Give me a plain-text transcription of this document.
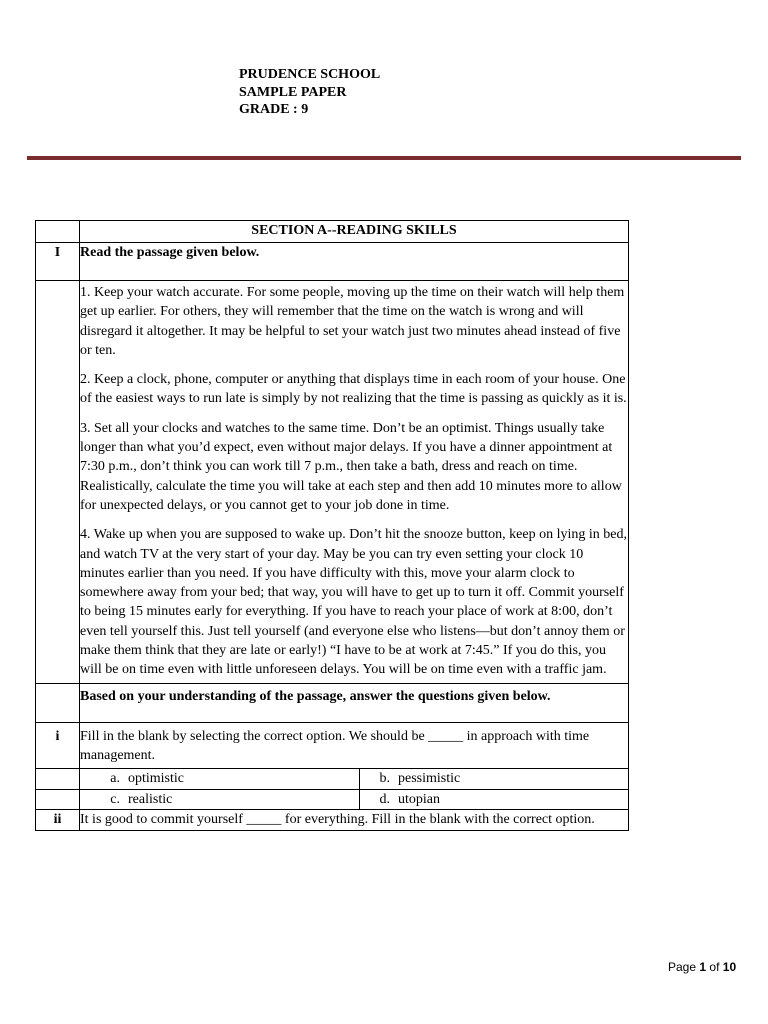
PRUDENCE SCHOOL
SAMPLE PAPER
GRADE : 9
	SECTION A--READING SKILLS	
I	Read the passage given below.	

	1. Keep your watch accurate. For some people, moving up the time on their watch will help them get up earlier. For others, they will remember that the time on the watch is wrong and will disregard it altogether. It may be helpful to set your watch just two minutes ahead instead of five or ten.

2. Keep a clock, phone, computer or anything that displays time in each room of your house. One of the easiest ways to run late is simply by not realizing that the time is passing as quickly as it is.

3. Set all your clocks and watches to the same time. Don’t be an optimist. Things usually take longer than what you’d expect, even without major delays. If you have a dinner appointment at 7:30 p.m., don’t think you can work till 7 p.m., then take a bath, dress and reach on time. Realistically, calculate the time you will take at each step and then add 10 minutes more to allow for unexpected delays, or you cannot get to your job done in time.

4. Wake up when you are supposed to wake up. Don’t hit the snooze button, keep on lying in bed, and watch TV at the very start of your day. May be you can try even setting your clock 10 minutes earlier than you need. If you have difficulty with this, move your alarm clock to somewhere away from your bed; that way, you will have to get up to turn it off. Commit yourself to being 15 minutes early for everything. If you have to reach your place of work at 8:00, don’t even tell yourself this. Just tell yourself (and everyone else who listens—but don’t annoy them or make them think that they are late or early!) “I have to be at work at 7:45.” If you do this, you will be on time even with little unforeseen delays. You will be on time even with a traffic jam.	

	Based on your understanding of the passage, answer the questions given below.	
i	Fill in the blank by selecting the correct option. We should be _____ in approach with time management.	
	a. optimistic	b. pessimistic
	c. realistic	d. utopian
ii	It is good to commit yourself _____ for everything. Fill in the blank with the correct option.	
Page 1 of 10
